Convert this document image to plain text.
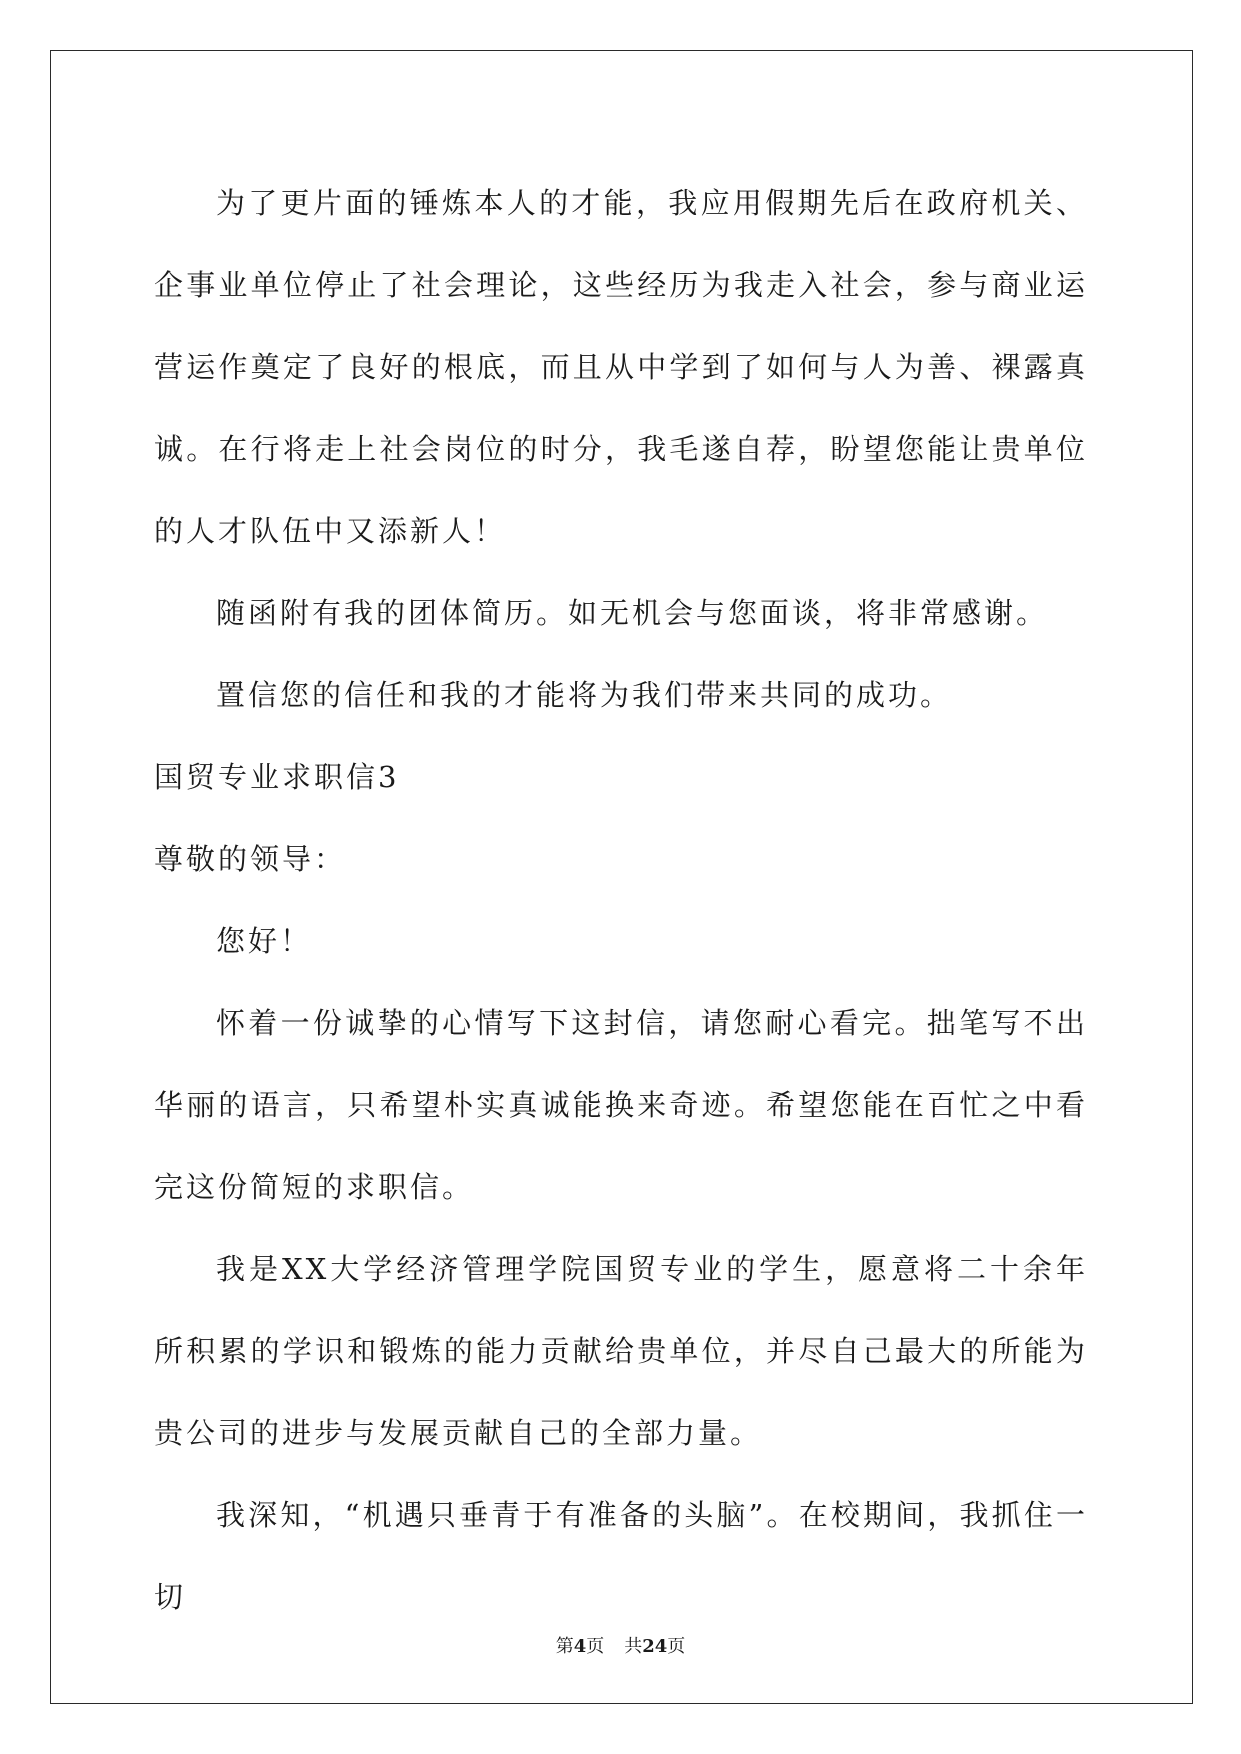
为了更片面的锤炼本人的才能，我应用假期先后在政府机关、企事业单位停止了社会理论，这些经历为我走入社会，参与商业运营运作奠定了良好的根底，而且从中学到了如何与人为善、裸露真诚。在行将走上社会岗位的时分，我毛遂自荐，盼望您能让贵单位的人才队伍中又添新人！

随函附有我的团体简历。如无机会与您面谈，将非常感谢。

置信您的信任和我的才能将为我们带来共同的成功。

国贸专业求职信3

尊敬的领导：

您好！

怀着一份诚挚的心情写下这封信，请您耐心看完。拙笔写不出华丽的语言，只希望朴实真诚能换来奇迹。希望您能在百忙之中看完这份简短的求职信。

我是XX大学经济管理学院国贸专业的学生，愿意将二十余年所积累的学识和锻炼的能力贡献给贵单位，并尽自己最大的所能为贵公司的进步与发展贡献自己的全部力量。

我深知，“机遇只垂青于有准备的头脑”。在校期间，我抓住一切

第4页 共24页
